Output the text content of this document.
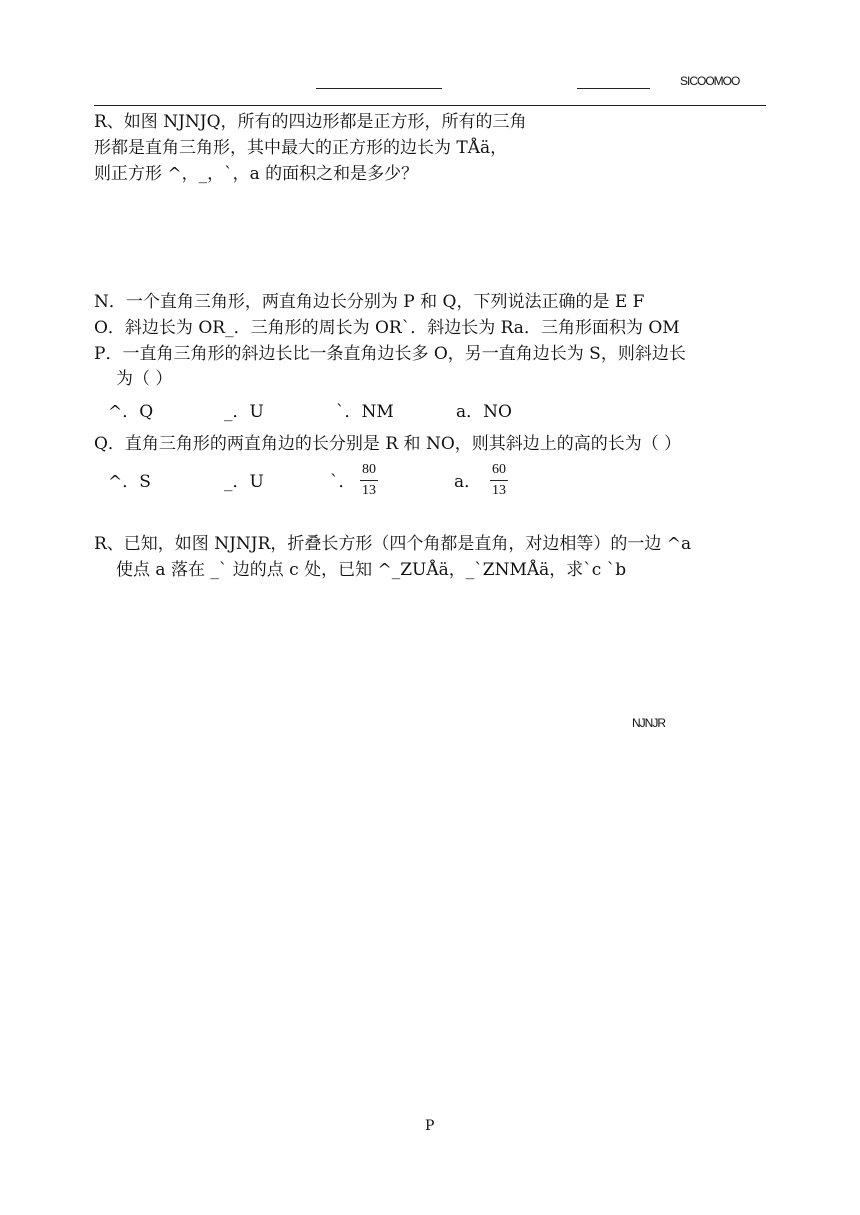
SICOOMOO
R、如图 NJNJQ，所有的四边形都是正方形，所有的三角
形都是直角三角形，其中最大的正方形的边长为 TÅä，
则正方形 ^，_，`，a 的面积之和是多少？
N．一个直角三角形，两直角边长分别为 P 和 Q，下列说法正确的是 E F
O．斜边长为 OR_．三角形的周长为 OR`．斜边长为 Ra．三角形面积为 OM
P．一直角三角形的斜边长比一条直角边长多 O，另一直角边长为 S，则斜边长
为（ ）
^．Q	_．U	`．NM	a．NO
Q．直角三角形的两直角边的长分别是 R 和 NO，则其斜边上的高的长为（ ）
^．S	_．U	`．
80
13	a．
60
13
R、已知，如图 NJNJR，折叠长方形（四个角都是直角，对边相等）的一边 ^a
使点 a 落在 _` 边的点 c 处，已知 ^_ZUÅä，_`ZNMÅä，求`c `b
NJNJR
P
